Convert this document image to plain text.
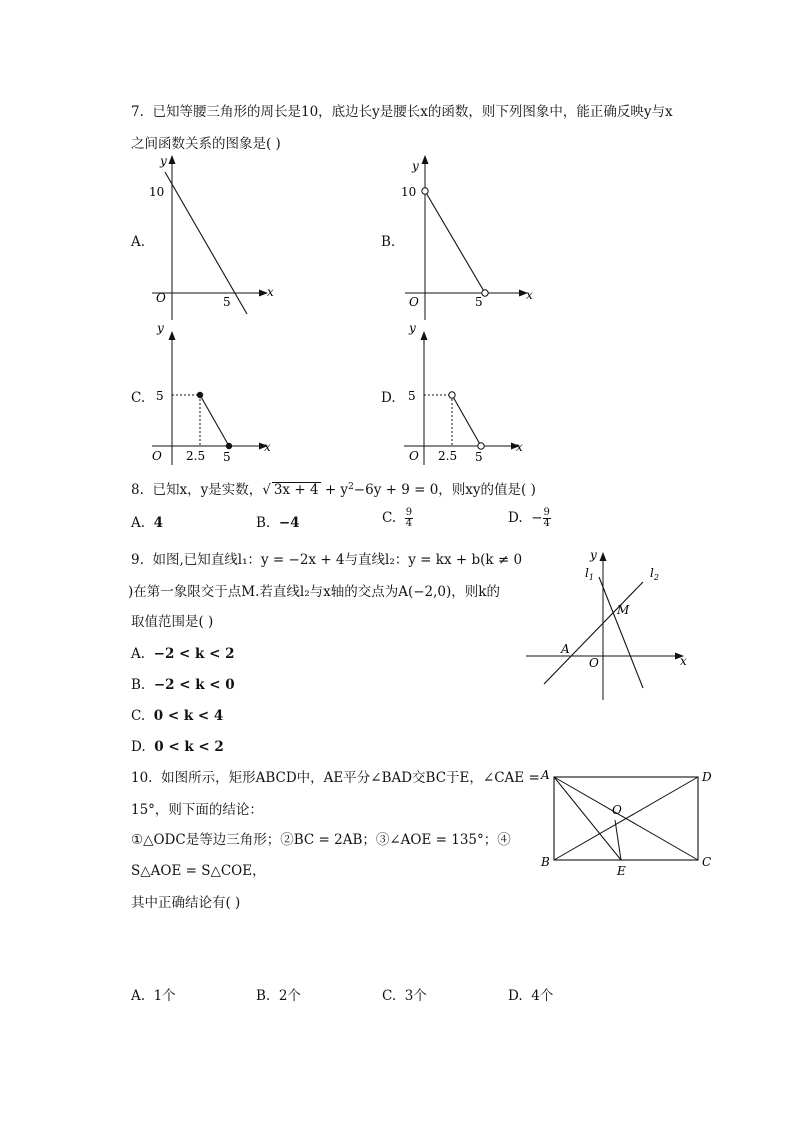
7. 已知等腰三角形的周长是10，底边长y是腰长x的函数，则下列图象中，能正确反映y与x
之间函数关系的图象是( )
A.
y
x
O
10
5
B.
y
x
O
10
5
C.
y
x
O
5
2.5 5
D.
y
x
O
5
2.5 5
8. 已知x，y是实数，√ $3x + 4 + y^2-6y + 9 = 0$，则xy的值是( )
A. 4	B. −4	C. $\frac{9}{4}$	D. − $\frac{9}{4}$
9. 如图,已知直线l₁：y = −2x + 4与直线l₂：y = kx + b(k ≠ 0
)在第一象限交于点M.若直线l₂与x轴的交点为A(−2,0)，则k的
取值范围是( )
A. −2 < k < 2
B. −2 < k < 0
C. 0 < k < 4
D. 0 < k < 2
y
x
$l_1$	$l_2$
M
A
O
10. 如图所示，矩形ABCD中，AE平分∠BAD交BC于E，∠CAE =
15°，则下面的结论：
①△ODC是等边三角形；②BC = 2AB；③∠AOE = 135°；④
S△AOE = S△COE，
其中正确结论有( )
A	D
B	C
E
O
A. 1个	B. 2个	C. 3个	D. 4个
